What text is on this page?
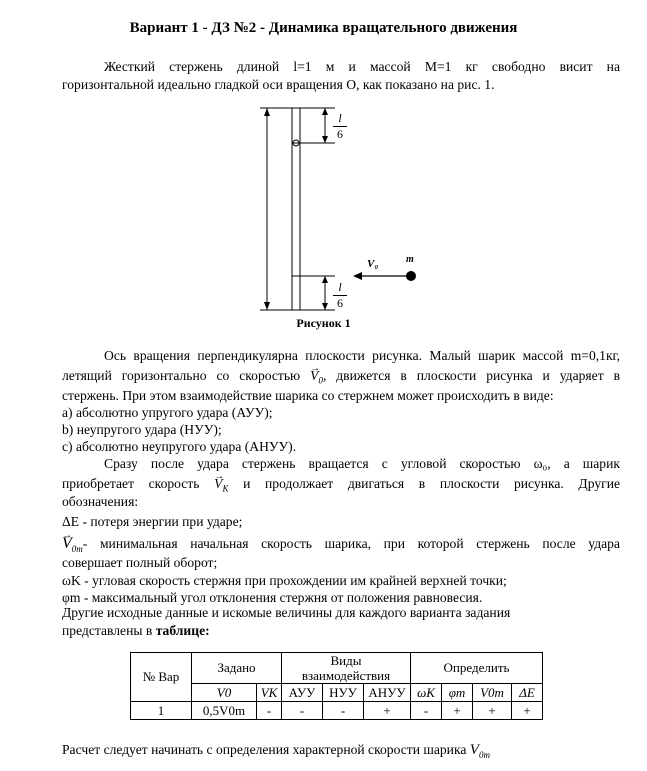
Вариант 1 - ДЗ №2 - Динамика вращательного движения
Жесткий стержень длиной l=1 м и массой M=1 кг свободно висит на
горизонтальной идеально гладкой оси вращения O, как показано на рис. 1.
$\frac{l}{6}$
$\frac{l}{6}$
V₀	m
Рисунок 1
Ось вращения перпендикулярна плоскости рисунка. Малый шарик массой m=0,1кг,
летящий горизонтально со скоростью → $V_0$, движется в плоскости рисунка и ударяет в
стержень. При этом взаимодействие шарика со стержнем может происходить в виде:
a) абсолютно упругого удара (АУУ);
b) неупругого удара (НУУ);
c) абсолютно неупругого удара (АНУУ).
Сразу после удара стержень вращается с угловой скоростью ω₀, а шарик
приобретает скорость → $V_K$ и продолжает двигаться в плоскости рисунка. Другие
обозначения:
ΔE - потеря энергии при ударе;
→ $V_{0m}-$ минимальная начальная скорость шарика, при которой стержень после удара
совершает полный оборот;
ωK - угловая скорость стержня при прохождении им крайней верхней точки;
φm - максимальный угол отклонения стержня от положения равновесия.
Другие исходные данные и искомые величины для каждого варианта задания
представлены в таблице:
№ Вар	Задано		Виды
взаимодействия			Определить			
	V0	VK	АУУ	НУУ	АНУУ	ωK	φm	V0m	ΔE
1	0,5V0m	-	-	-	+	-	+	+	+
Расчет следует начинать с определения характерной скорости шарика $V_{0m}$
